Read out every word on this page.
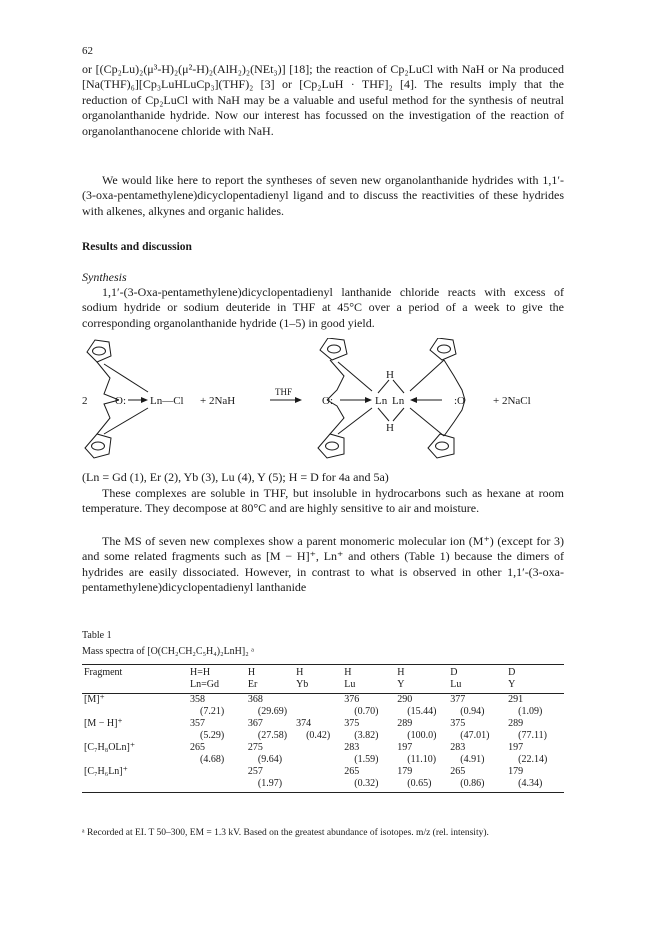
62

or [(Cp₂Lu)₂(μ³-H)₂(μ²-H)₂(AlH₂)₂(NEt₃)] [18]; the reaction of Cp₂LuCl with NaH or Na produced [Na(THF)₆][Cp₃LuHLuCp₃](THF)₂ [3] or [Cp₂LuH · THF]₂ [4]. The results imply that the reduction of Cp₂LuCl with NaH may be a valuable and useful method for the synthesis of neutral organolanthanide hydride. Now our interest has focussed on the investigation of the reaction of organolanthanocene chloride with NaH.

We would like here to report the syntheses of seven new organolanthanide hydrides with 1,1′-(3-oxa-pentamethylene)dicyclopentadienyl ligand and to discuss the reactivities of these hydrides with alkenes, alkynes and organic halides.

Results and discussion
Synthesis

1,1′-(3-Oxa-pentamethylene)dicyclopentadienyl lanthanide chloride reacts with excess of sodium hydride or sodium deuteride in THF at 45°C over a period of a week to give the corresponding organolanthanide hydride (1–5) in good yield.

2	O: Ln—Cl + 2NaH
THF
O:	Ln Ln
H
H
:O	+ 2NaCl
(Ln = Gd (1), Er (2), Yb (3), Lu (4), Y (5); H = D for 4a and 5a)

These complexes are soluble in THF, but insoluble in hydrocarbons such as hexane at room temperature. They decompose at 80°C and are highly sensitive to air and moisture.

The MS of seven new complexes show a parent monomeric molecular ion (M⁺) (except for 3) and some related fragments such as [M − H]⁺, Ln⁺ and others (Table 1) because the dimers of hydrides are easily dissociated. However, in contrast to what is observed in other 1,1′-(3-oxa-pentamethylene)dicyclopentadienyl lanthanide

Table 1
Mass spectra of [O(CH₂CH₂C₅H₄)₂LnH]₂ ᵃ
Fragment	H=H	H	H	H	H	D	D
	Ln=Gd	Er	Yb	Lu	Y	Lu	Y
[M]⁺	358	368		376	290	377	291
	(7.21)	(29.69)		(0.70)	(15.44)	(0.94)	(1.09)
[M − H]⁺	357	367	374	375	289	375	289
	(5.29)	(27.58)	(0.42)	(3.82)	(100.0)	(47.01)	(77.11)
[C₇H₈OLn]⁺	265	275		283	197	283	197
	(4.68)	(9.64)		(1.59)	(11.10)	(4.91)	(22.14)
[C₇H₆Ln]⁺		257		265	179	265	179
		(1.97)		(0.32)	(0.65)	(0.86)	(4.34)
ᵃ Recorded at EI. T 50–300, EM = 1.3 kV. Based on the greatest abundance of isotopes. m/z (rel. intensity).
